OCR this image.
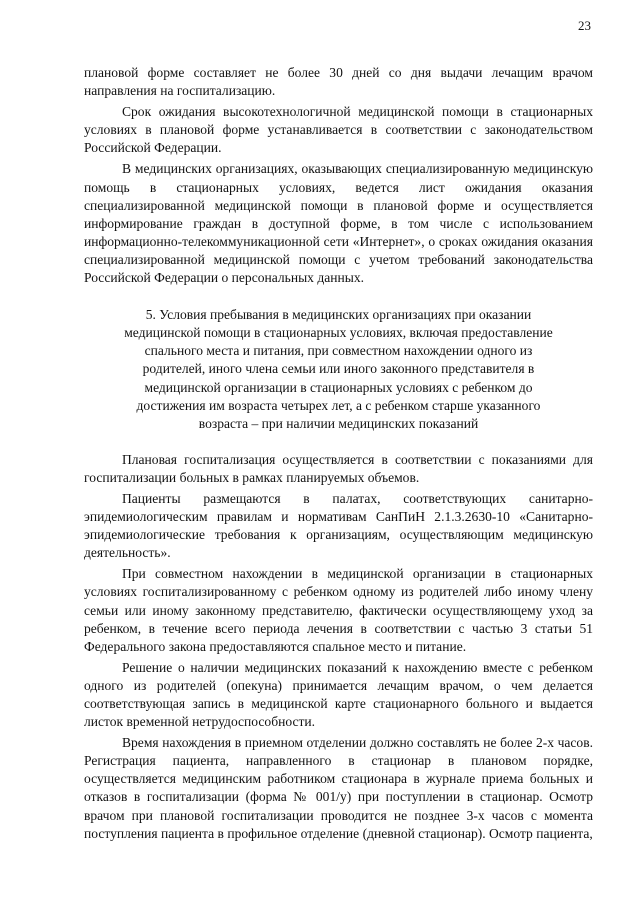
23

плановой форме составляет не более 30 дней со дня выдачи лечащим врачом направления на госпитализацию.

Срок ожидания высокотехнологичной медицинской помощи в стационарных условиях в плановой форме устанавливается в соответствии с законодательством Российской Федерации.

В медицинских организациях, оказывающих специализированную медицинскую помощь в стационарных условиях, ведется лист ожидания оказания специализированной медицинской помощи в плановой форме и осуществляется информирование граждан в доступной форме, в том числе с использованием информационно-телекоммуникационной сети «Интернет», о сроках ожидания оказания специализированной медицинской помощи с учетом требований законодательства Российской Федерации о персональных данных.

5. Условия пребывания в медицинских организациях при оказании
медицинской помощи в стационарных условиях, включая предоставление
спального места и питания, при совместном нахождении одного из
родителей, иного члена семьи или иного законного представителя в
медицинской организации в стационарных условиях с ребенком до
достижения им возраста четырех лет, а с ребенком старше указанного
возраста – при наличии медицинских показаний

Плановая госпитализация осуществляется в соответствии с показаниями для госпитализации больных в рамках планируемых объемов.

Пациенты размещаются в палатах, соответствующих санитарно-эпидемиологическим правилам и нормативам СанПиН 2.1.3.2630-10 «Санитарно-эпидемиологические требования к организациям, осуществляющим медицинскую деятельность».

При совместном нахождении в медицинской организации в стационарных условиях госпитализированному с ребенком одному из родителей либо иному члену семьи или иному законному представителю, фактически осуществляющему уход за ребенком, в течение всего периода лечения в соответствии с частью 3 статьи 51 Федерального закона предоставляются спальное место и питание.

Решение о наличии медицинских показаний к нахождению вместе с ребенком одного из родителей (опекуна) принимается лечащим врачом, о чем делается соответствующая запись в медицинской карте стационарного больного и выдается листок временной нетрудоспособности.

Время нахождения в приемном отделении должно составлять не более 2-х часов. Регистрация пациента, направленного в стационар в плановом порядке, осуществляется медицинским работником стационара в журнале приема больных и отказов в госпитализации (форма № 001/у) при поступлении в стационар. Осмотр врачом при плановой госпитализации проводится не позднее 3-х часов с момента поступления пациента в профильное отделение (дневной стационар). Осмотр пациента,
